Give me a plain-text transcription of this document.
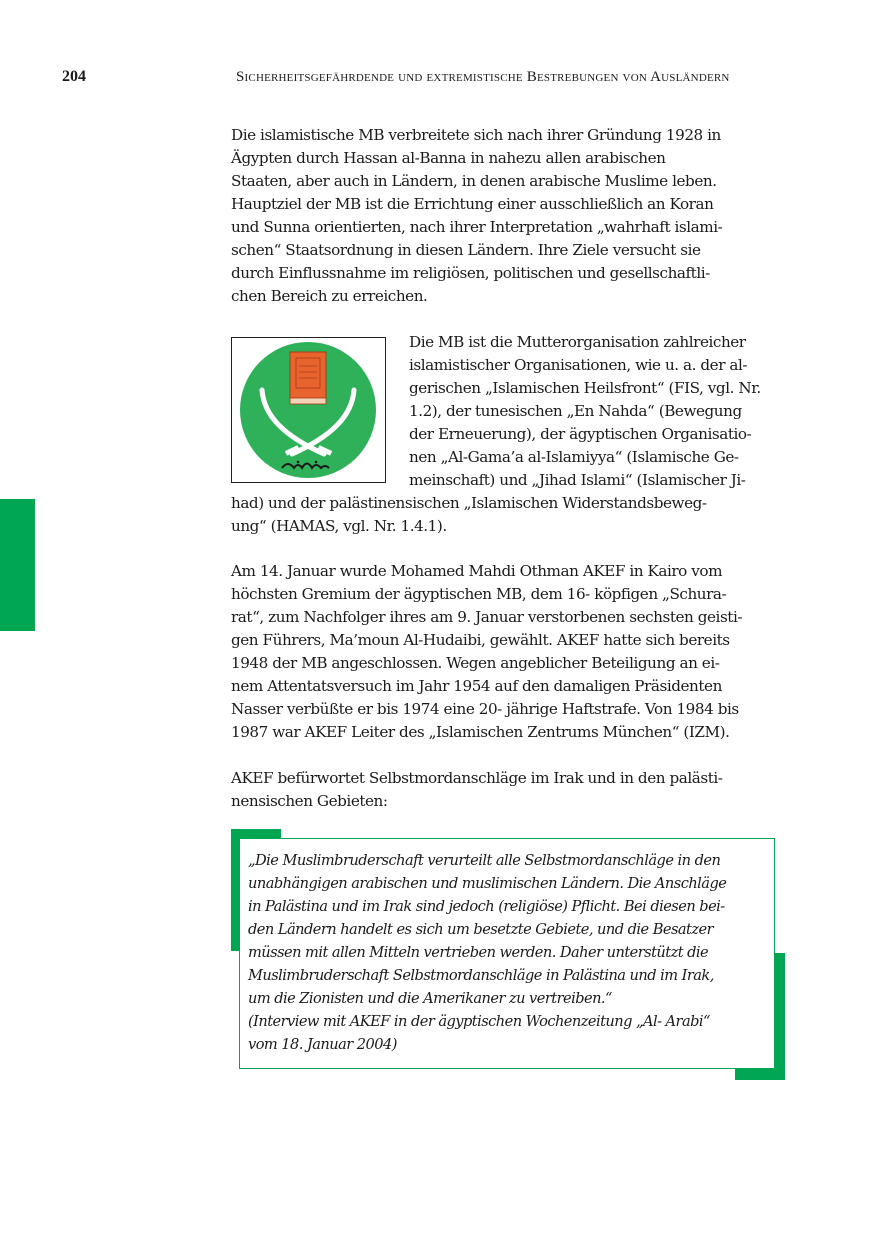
204	Sicherheitsgefährdende und extremistische Bestrebungen von Ausländern

Die islamistische MB verbreitete sich nach ihrer Gründung 1928 in
Ägypten durch Hassan al-Banna in nahezu allen arabischen
Staaten, aber auch in Ländern, in denen arabische Muslime leben.
Hauptziel der MB ist die Errichtung einer ausschließlich an Koran
und Sunna orientierten, nach ihrer Interpretation „wahrhaft islami-
schen“ Staatsordnung in diesen Ländern. Ihre Ziele versucht sie
durch Einflussnahme im religiösen, politischen und gesellschaftli-
chen Bereich zu erreichen.

Die MB ist die Mutterorganisation zahlreicher
islamistischer Organisationen, wie u. a. der al-
gerischen „Islamischen Heilsfront“ (FIS, vgl. Nr.
1.2), der tunesischen „En Nahda“ (Bewegung
der Erneuerung), der ägyptischen Organisatio-
nen „Al-Gama’a al-Islamiyya“ (Islamische Ge-
meinschaft) und „Jihad Islami“ (Islamischer Ji-

had) und der palästinensischen „Islamischen Widerstandsbeweg-
ung“ (HAMAS, vgl. Nr. 1.4.1).

Am 14. Januar wurde Mohamed Mahdi Othman AKEF in Kairo vom
höchsten Gremium der ägyptischen MB, dem 16- köpfigen „Schura-
rat“, zum Nachfolger ihres am 9. Januar verstorbenen sechsten geisti-
gen Führers, Ma’moun Al-Hudaibi, gewählt. AKEF hatte sich bereits
1948 der MB angeschlossen. Wegen angeblicher Beteiligung an ei-
nem Attentatsversuch im Jahr 1954 auf den damaligen Präsidenten
Nasser verbüßte er bis 1974 eine 20- jährige Haftstrafe. Von 1984 bis
1987 war AKEF Leiter des „Islamischen Zentrums München“ (IZM).

AKEF befürwortet Selbstmordanschläge im Irak und in den palästi-
nensischen Gebieten:

„Die Muslimbruderschaft verurteilt alle Selbstmordanschläge in den
unabhängigen arabischen und muslimischen Ländern. Die Anschläge
in Palästina und im Irak sind jedoch (religiöse) Pflicht. Bei diesen bei-
den Ländern handelt es sich um besetzte Gebiete, und die Besatzer
müssen mit allen Mitteln vertrieben werden. Daher unterstützt die
Muslimbruderschaft Selbstmordanschläge in Palästina und im Irak,
um die Zionisten und die Amerikaner zu vertreiben.“
(Interview mit AKEF in der ägyptischen Wochenzeitung „Al- Arabi“
vom 18. Januar 2004)
